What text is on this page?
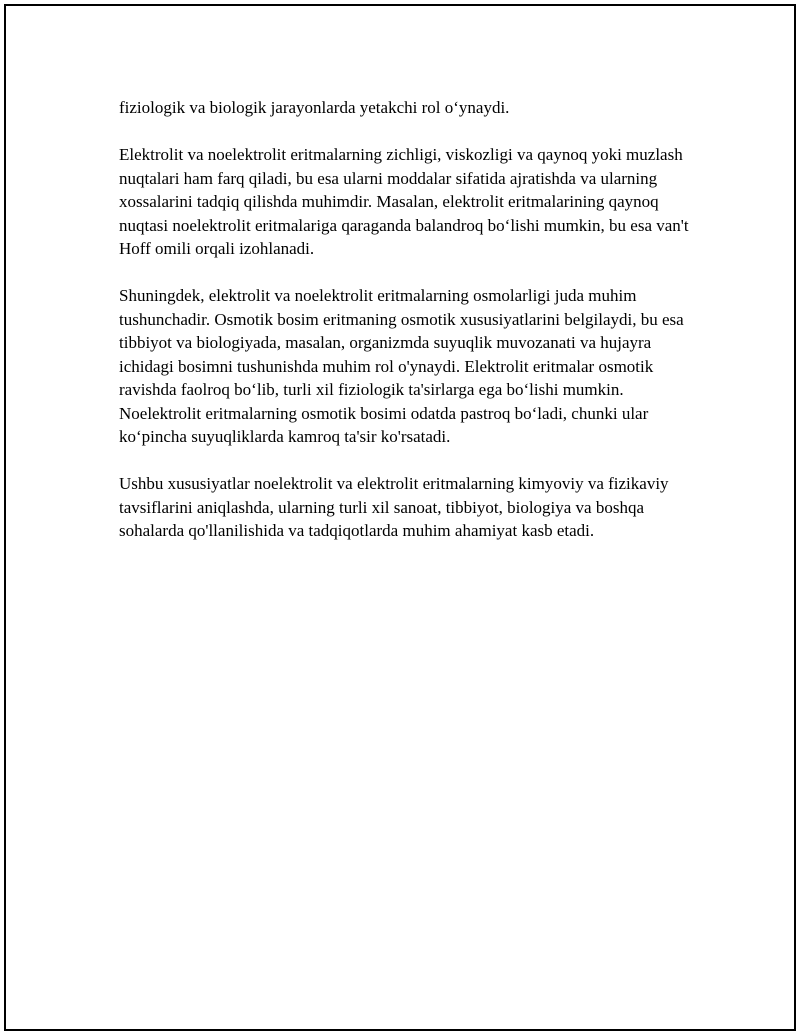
fiziologik va biologik jarayonlarda yetakchi rol o‘ynaydi.

Elektrolit va noelektrolit eritmalarning zichligi, viskozligi va qaynoq yoki muzlash nuqtalari ham farq qiladi, bu esa ularni moddalar sifatida ajratishda va ularning xossalarini tadqiq qilishda muhimdir. Masalan, elektrolit eritmalarining qaynoq nuqtasi noelektrolit eritmalariga qaraganda balandroq bo‘lishi mumkin, bu esa van't Hoff omili orqali izohlanadi.

Shuningdek, elektrolit va noelektrolit eritmalarning osmolarligi juda muhim tushunchadir. Osmotik bosim eritmaning osmotik xususiyatlarini belgilaydi, bu esa tibbiyot va biologiyada, masalan, organizmda suyuqlik muvozanati va hujayra ichidagi bosimni tushunishda muhim rol o'ynaydi. Elektrolit eritmalar osmotik ravishda faolroq bo‘lib, turli xil fiziologik ta'sirlarga ega bo‘lishi mumkin. Noelektrolit eritmalarning osmotik bosimi odatda pastroq bo‘ladi, chunki ular ko‘pincha suyuqliklarda kamroq ta'sir ko'rsatadi.

Ushbu xususiyatlar noelektrolit va elektrolit eritmalarning kimyoviy va fizikaviy tavsiflarini aniqlashda, ularning turli xil sanoat, tibbiyot, biologiya va boshqa sohalarda qo'llanilishida va tadqiqotlarda muhim ahamiyat kasb etadi.
